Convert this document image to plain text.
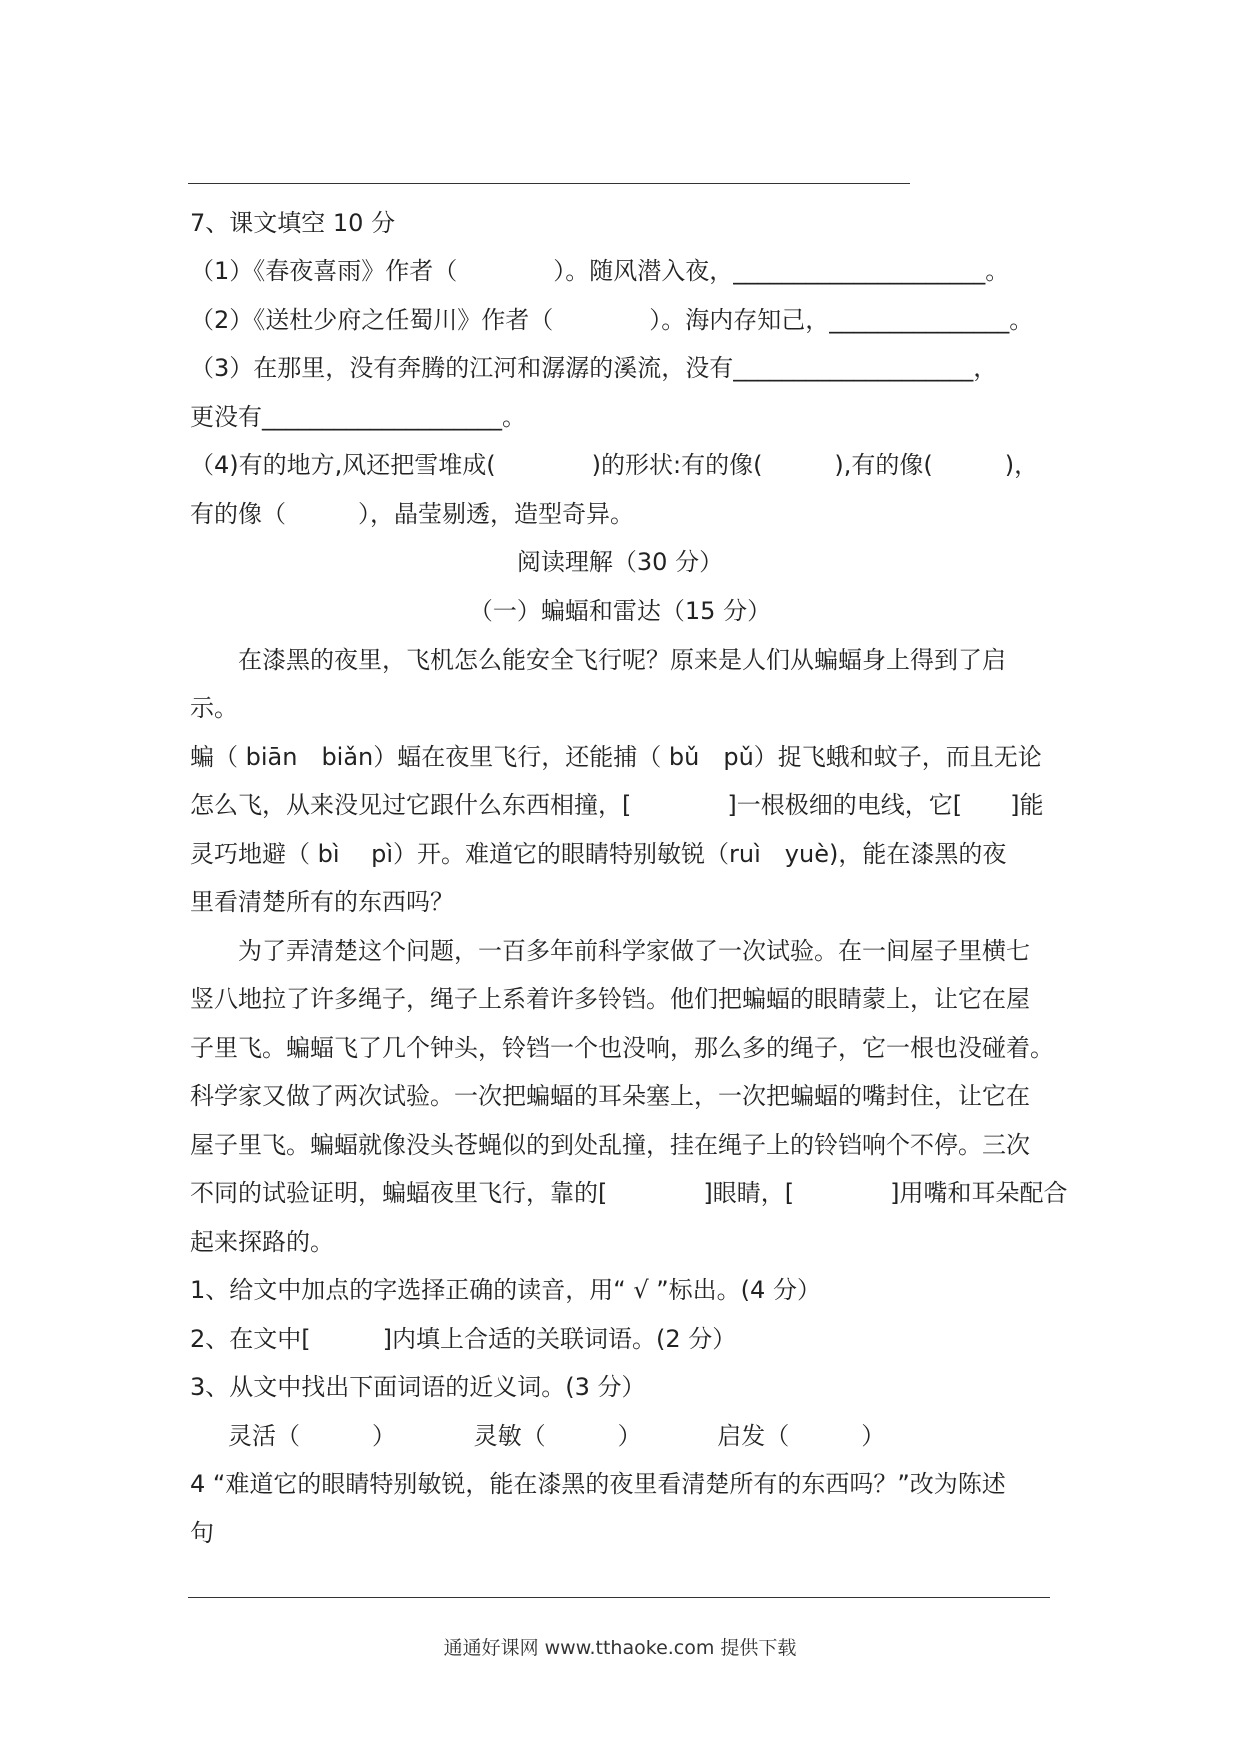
7、课文填空 10 分
（1）《春夜喜雨》作者（　　　　）。随风潜入夜，_____________________。
（2）《送杜少府之任蜀川》作者（　　　　）。海内存知己，_______________。
（3）在那里，没有奔腾的江河和潺潺的溪流，没有____________________，
更没有____________________。
（4)有的地方,风还把雪堆成(　　　　)的形状:有的像(　　　),有的像(　　　)，
有的像（　　　），晶莹剔透，造型奇异。
阅读理解（30 分）
（一）蝙蝠和雷达（15 分）
　　在漆黑的夜里，飞机怎么能安全飞行呢？原来是人们从蝙蝠身上得到了启
示。
蝙（ biān　biǎn）蝠在夜里飞行，还能捕（ bǔ　pǔ）捉飞蛾和蚊子，而且无论
怎么飞，从来没见过它跟什么东西相撞，[　　　　]一根极细的电线，它[　　]能
灵巧地避（ bì　 pì）开。难道它的眼睛特别敏锐（ruì　yuè)，能在漆黑的夜
里看清楚所有的东西吗？
　　为了弄清楚这个问题，一百多年前科学家做了一次试验。在一间屋子里横七
竖八地拉了许多绳子，绳子上系着许多铃铛。他们把蝙蝠的眼睛蒙上，让它在屋
子里飞。蝙蝠飞了几个钟头，铃铛一个也没响，那么多的绳子，它一根也没碰着。
科学家又做了两次试验。一次把蝙蝠的耳朵塞上，一次把蝙蝠的嘴封住，让它在
屋子里飞。蝙蝠就像没头苍蝇似的到处乱撞，挂在绳子上的铃铛响个不停。三次
不同的试验证明，蝙蝠夜里飞行，靠的[　　　　]眼睛，[　　　　]用嘴和耳朵配合
起来探路的。
1、给文中加点的字选择正确的读音，用“ √ ”标出。(4 分）
2、在文中[　　　]内填上合适的关联词语。(2 分）
3、从文中找出下面词语的近义词。(3 分）
灵活（　　　）	灵敏（　　　）	启发（　　　）
4 “难道它的眼睛特别敏锐，能在漆黑的夜里看清楚所有的东西吗？”改为陈述
句
通通好课网 www.tthaoke.com 提供下载
